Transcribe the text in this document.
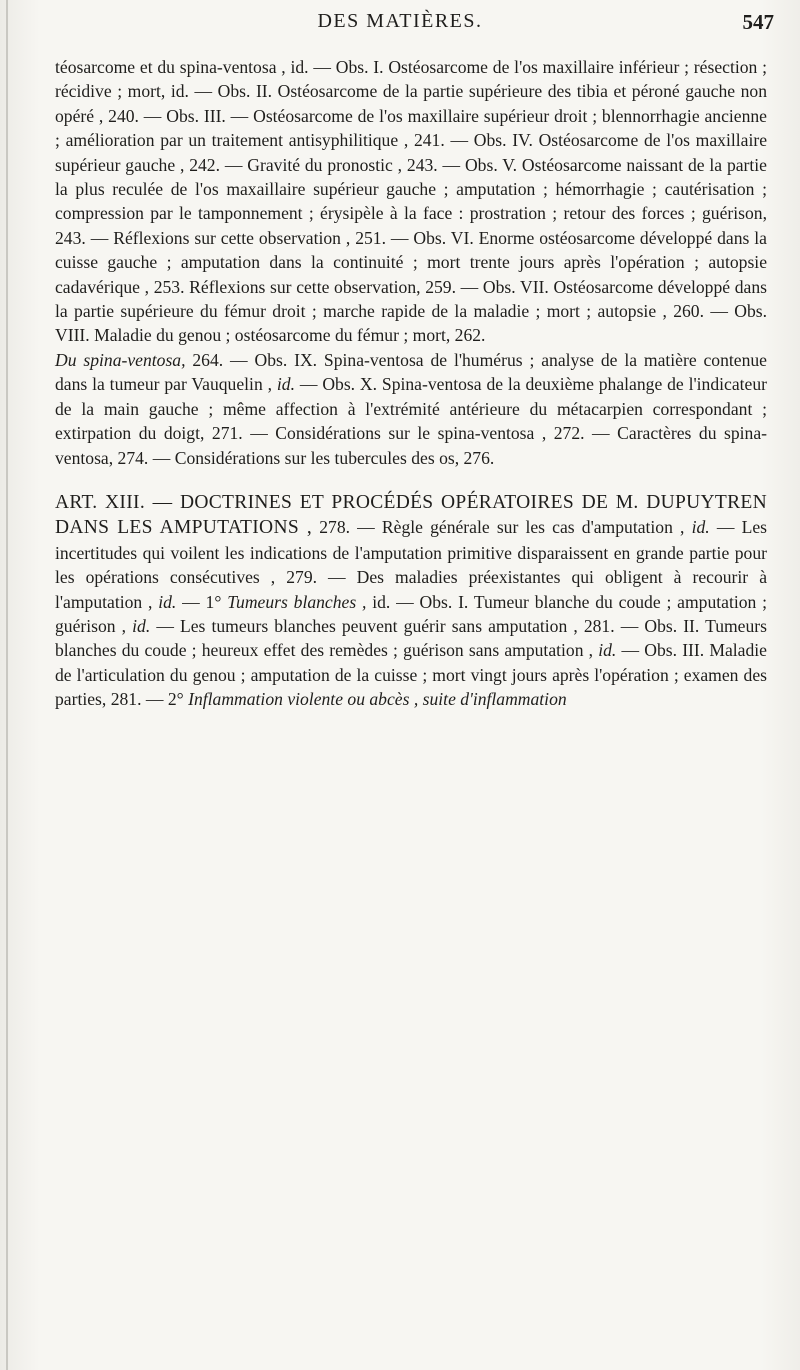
DES MATIÈRES.	547

téosarcome et du spina-ventosa , id. — Obs. I. Ostéosarcome de l'os maxillaire inférieur ; résection ; récidive ; mort, id. — Obs. II. Ostéosarcome de la partie supérieure des tibia et péroné gauche non opéré , 240. — Obs. III. — Ostéosarcome de l'os maxillaire supérieur droit ; blennorrhagie ancienne ; amélioration par un traitement antisyphilitique , 241. — Obs. IV. Ostéosarcome de l'os maxillaire supérieur gauche , 242. — Gravité du pronostic , 243. — Obs. V. Ostéosarcome naissant de la partie la plus reculée de l'os maxaillaire supérieur gauche ; amputation ; hémorrhagie ; cautérisation ; compression par le tamponnement ; érysipèle à la face : prostration ; retour des forces ; guérison, 243. — Réflexions sur cette observation , 251. — Obs. VI. Enorme ostéosarcome développé dans la cuisse gauche ; amputation dans la continuité ; mort trente jours après l'opération ; autopsie cadavérique , 253. Réflexions sur cette observation, 259. — Obs. VII. Ostéosarcome développé dans la partie supérieure du fémur droit ; marche rapide de la maladie ; mort ; autopsie , 260. — Obs. VIII. Maladie du genou ; ostéosarcome du fémur ; mort, 262.

Du spina-ventosa, 264. — Obs. IX. Spina-ventosa de l'humérus ; analyse de la matière contenue dans la tumeur par Vauquelin , id. — Obs. X. Spina-ventosa de la deuxième phalange de l'indicateur de la main gauche ; même affection à l'extrémité antérieure du métacarpien correspondant ; extirpation du doigt, 271. — Considérations sur le spina-ventosa , 272. — Caractères du spina-ventosa, 274. — Considérations sur les tubercules des os, 276.

ART. XIII. — DOCTRINES ET PROCÉDÉS OPÉRATOIRES DE M. DUPUYTREN DANS LES AMPUTATIONS , 278. — Règle générale sur les cas d'amputation , id. — Les incertitudes qui voilent les indications de l'amputation primitive disparaissent en grande partie pour les opérations consécutives , 279. — Des maladies préexistantes qui obligent à recourir à l'amputation , id. — 1° Tumeurs blanches , id. — Obs. I. Tumeur blanche du coude ; amputation ; guérison , id. — Les tumeurs blanches peuvent guérir sans amputation , 281. — Obs. II. Tumeurs blanches du coude ; heureux effet des remèdes ; guérison sans amputation , id. — Obs. III. Maladie de l'articulation du genou ; amputation de la cuisse ; mort vingt jours après l'opération ; examen des parties, 281. — 2° Inflammation violente ou abcès , suite d'inflammation
